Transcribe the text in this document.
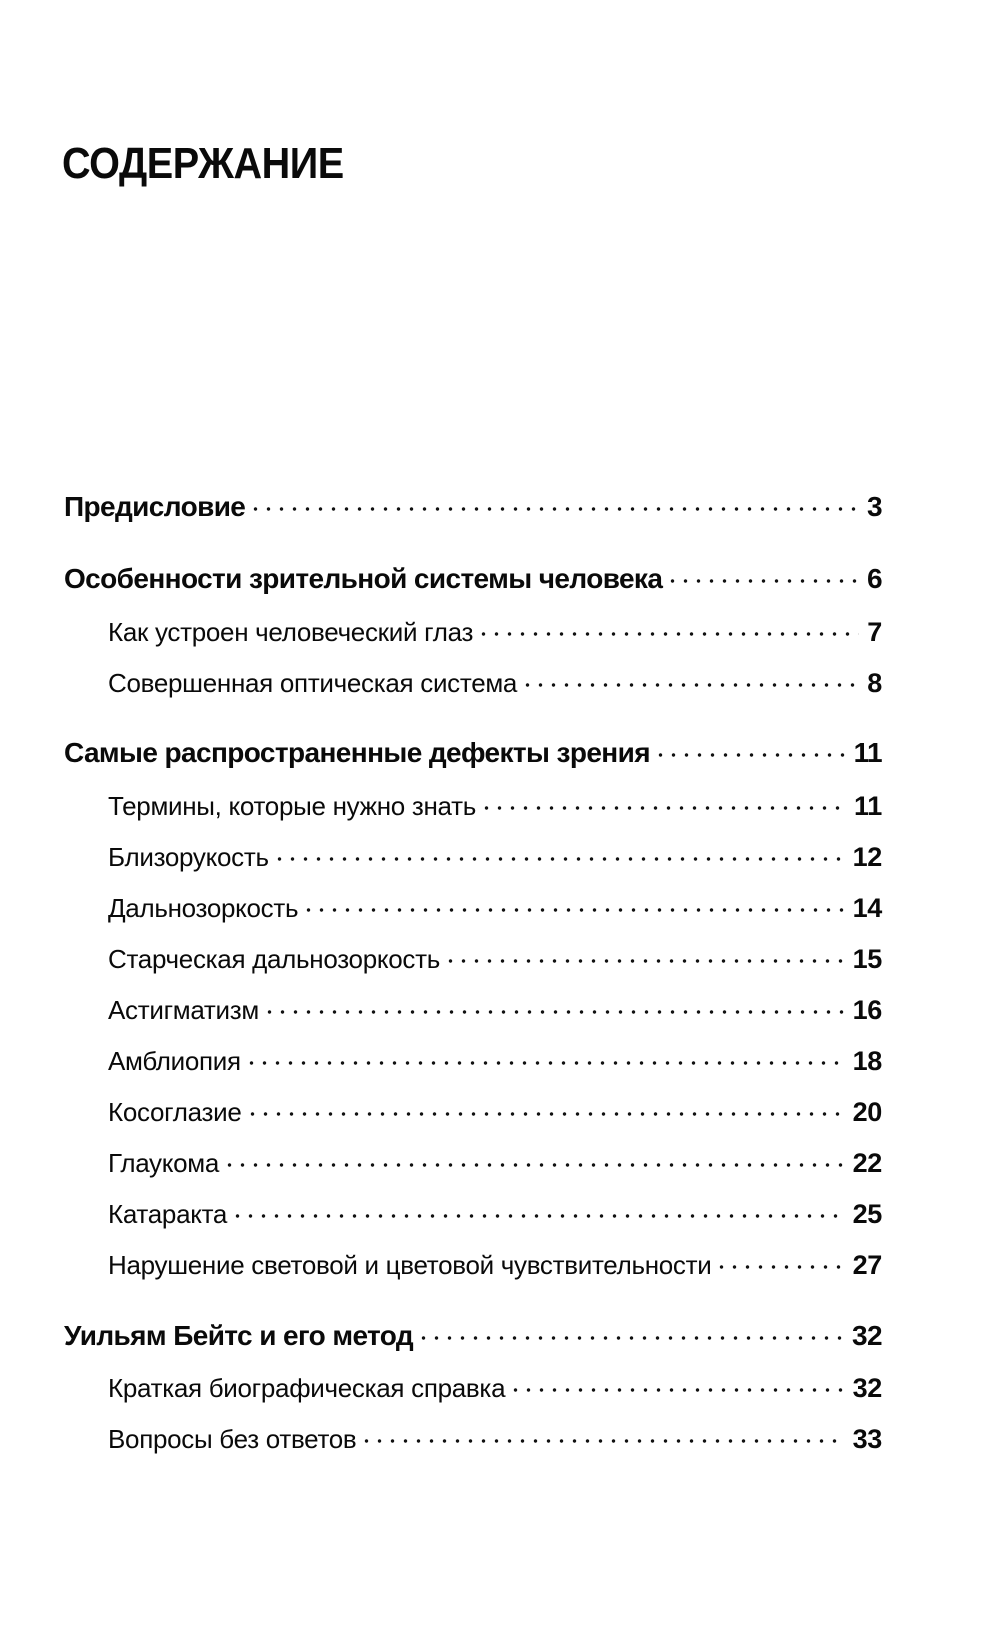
СОДЕРЖАНИЕ
Предисловие	3
Особенности зрительной системы человека	6
Как устроен человеческий глаз	7
Совершенная оптическая система	8
Самые распространенные дефекты зрения	11
Термины, которые нужно знать	11
Близорукость	12
Дальнозоркость	14
Старческая дальнозоркость	15
Астигматизм	16
Амблиопия	18
Косоглазие	20
Глаукома	22
Катаракта	25
Нарушение световой и цветовой чувствительности	27
Уильям Бейтс и его метод	32
Краткая биографическая справка	32
Вопросы без ответов	33
